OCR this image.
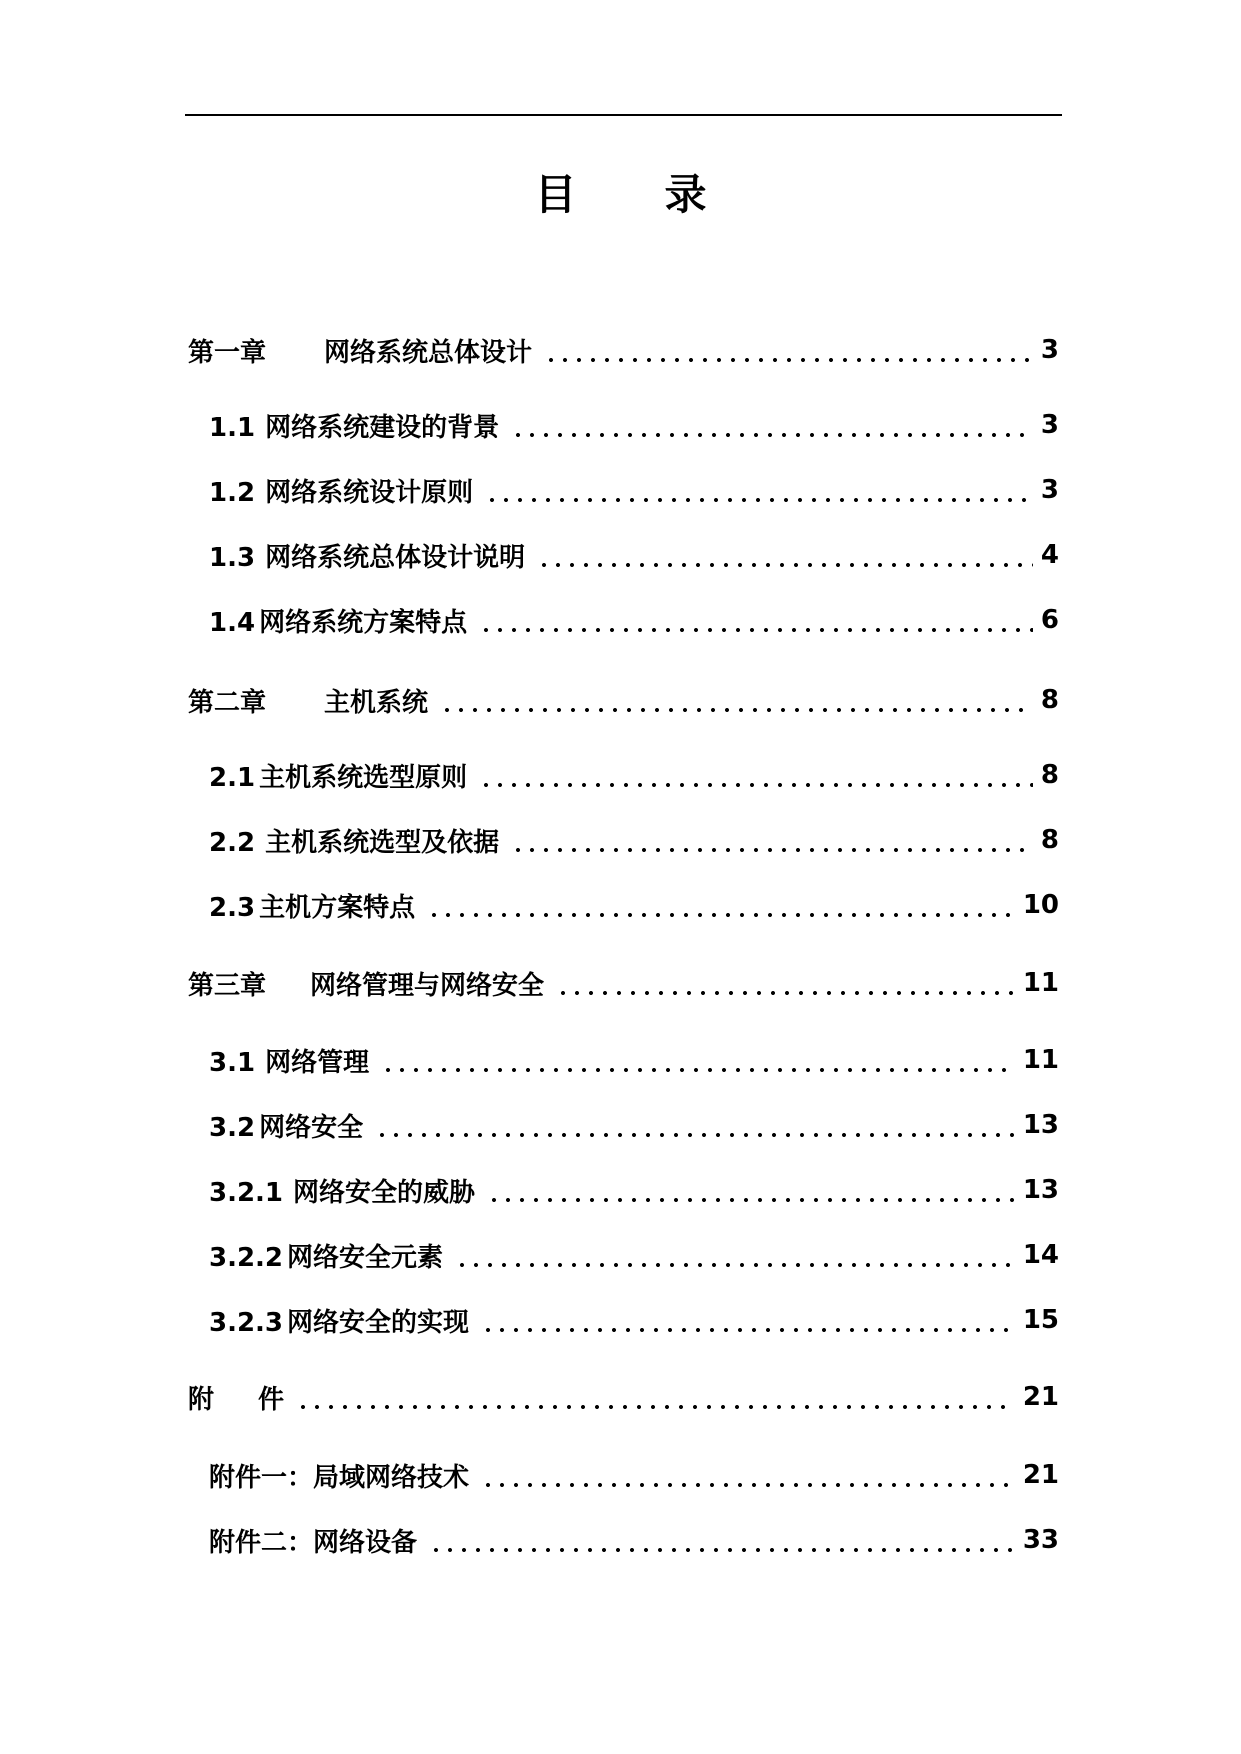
目 录
第一章 网络系统总体设计	3
1.1 网络系统建设的背景	3
1.2 网络系统设计原则	3
1.3 网络系统总体设计说明	4
1.4 网络系统方案特点	6
第二章 主机系统	8
2.1 主机系统选型原则	8
2.2 主机系统选型及依据	8
2.3 主机方案特点	10
第三章 网络管理与网络安全	11
3.1 网络管理	11
3.2 网络安全	13
3.2.1 网络安全的威胁	13
3.2.2 网络安全元素	14
3.2.3 网络安全的实现	15
附 件	21
附件一：局域网络技术	21
附件二：网络设备	33
